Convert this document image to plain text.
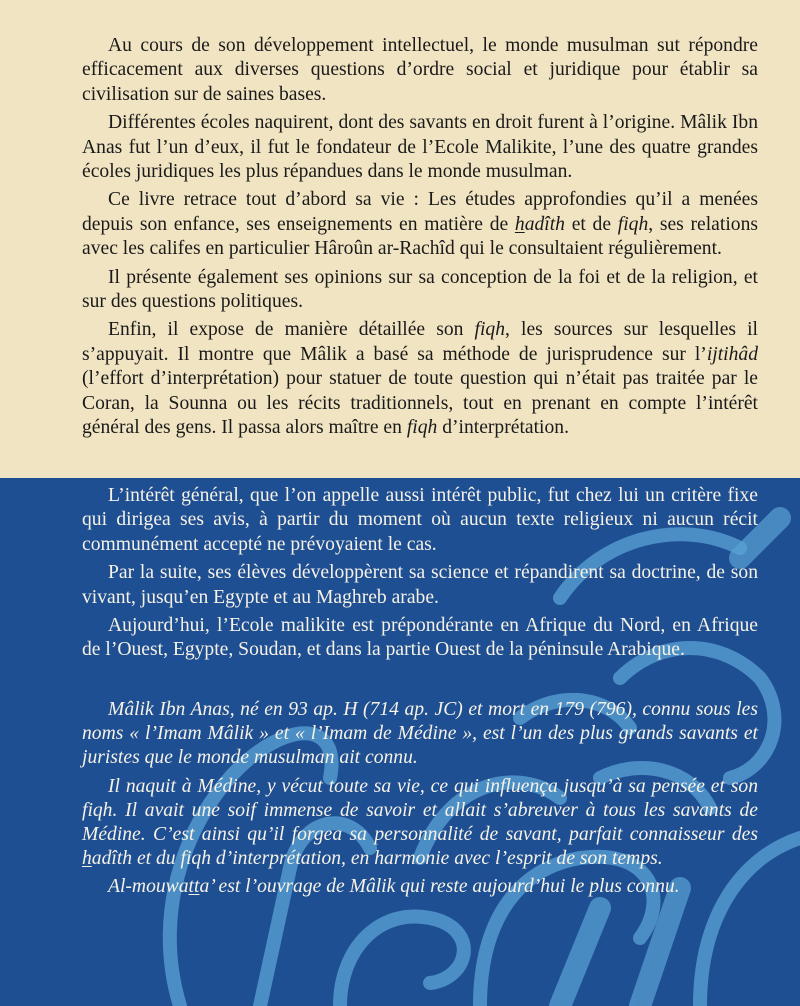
Au cours de son développement intellectuel, le monde musulman sut répondre efficacement aux diverses questions d’ordre social et juridique pour établir sa civilisation sur de saines bases.

Différentes écoles naquirent, dont des savants en droit furent à l’origine. Mâlik Ibn Anas fut l’un d’eux, il fut le fondateur de l’Ecole Malikite, l’une des quatre grandes écoles juridiques les plus répandues dans le monde musulman.

Ce livre retrace tout d’abord sa vie : Les études approfondies qu’il a menées depuis son enfance, ses enseignements en matière de hadîth et de fiqh, ses relations avec les califes en particulier Hâroûn ar-Rachîd qui le consultaient régulièrement.

Il présente également ses opinions sur sa conception de la foi et de la religion, et sur des questions politiques.

Enfin, il expose de manière détaillée son fiqh, les sources sur lesquelles il s’appuyait. Il montre que Mâlik a basé sa méthode de jurisprudence sur l’ijtihâd (l’effort d’interprétation) pour statuer de toute question qui n’était pas traitée par le Coran, la Sounna ou les récits traditionnels, tout en prenant en compte l’intérêt général des gens. Il passa alors maître en fiqh d’interprétation.

L’intérêt général, que l’on appelle aussi intérêt public, fut chez lui un critère fixe qui dirigea ses avis, à partir du moment où aucun texte religieux ni aucun récit communément accepté ne prévoyaient le cas.

Par la suite, ses élèves développèrent sa science et répandirent sa doctrine, de son vivant, jusqu’en Egypte et au Maghreb arabe.

Aujourd’hui, l’Ecole malikite est prépondérante en Afrique du Nord, en Afrique de l’Ouest, Egypte, Soudan, et dans la partie Ouest de la péninsule Arabique.

Mâlik Ibn Anas, né en 93 ap. H (714 ap. JC) et mort en 179 (796), connu sous les noms « l’Imam Mâlik » et « l’Imam de Médine », est l’un des plus grands savants et juristes que le monde musulman ait connu.

Il naquit à Médine, y vécut toute sa vie, ce qui influença jusqu’à sa pensée et son fiqh. Il avait une soif immense de savoir et allait s’abreuver à tous les savants de Médine. C’est ainsi qu’il forgea sa personnalité de savant, parfait connaisseur des hadîth et du fiqh d’interprétation, en harmonie avec l’esprit de son temps.

Al-mouwatta’ est l’ouvrage de Mâlik qui reste aujourd’hui le plus connu.
